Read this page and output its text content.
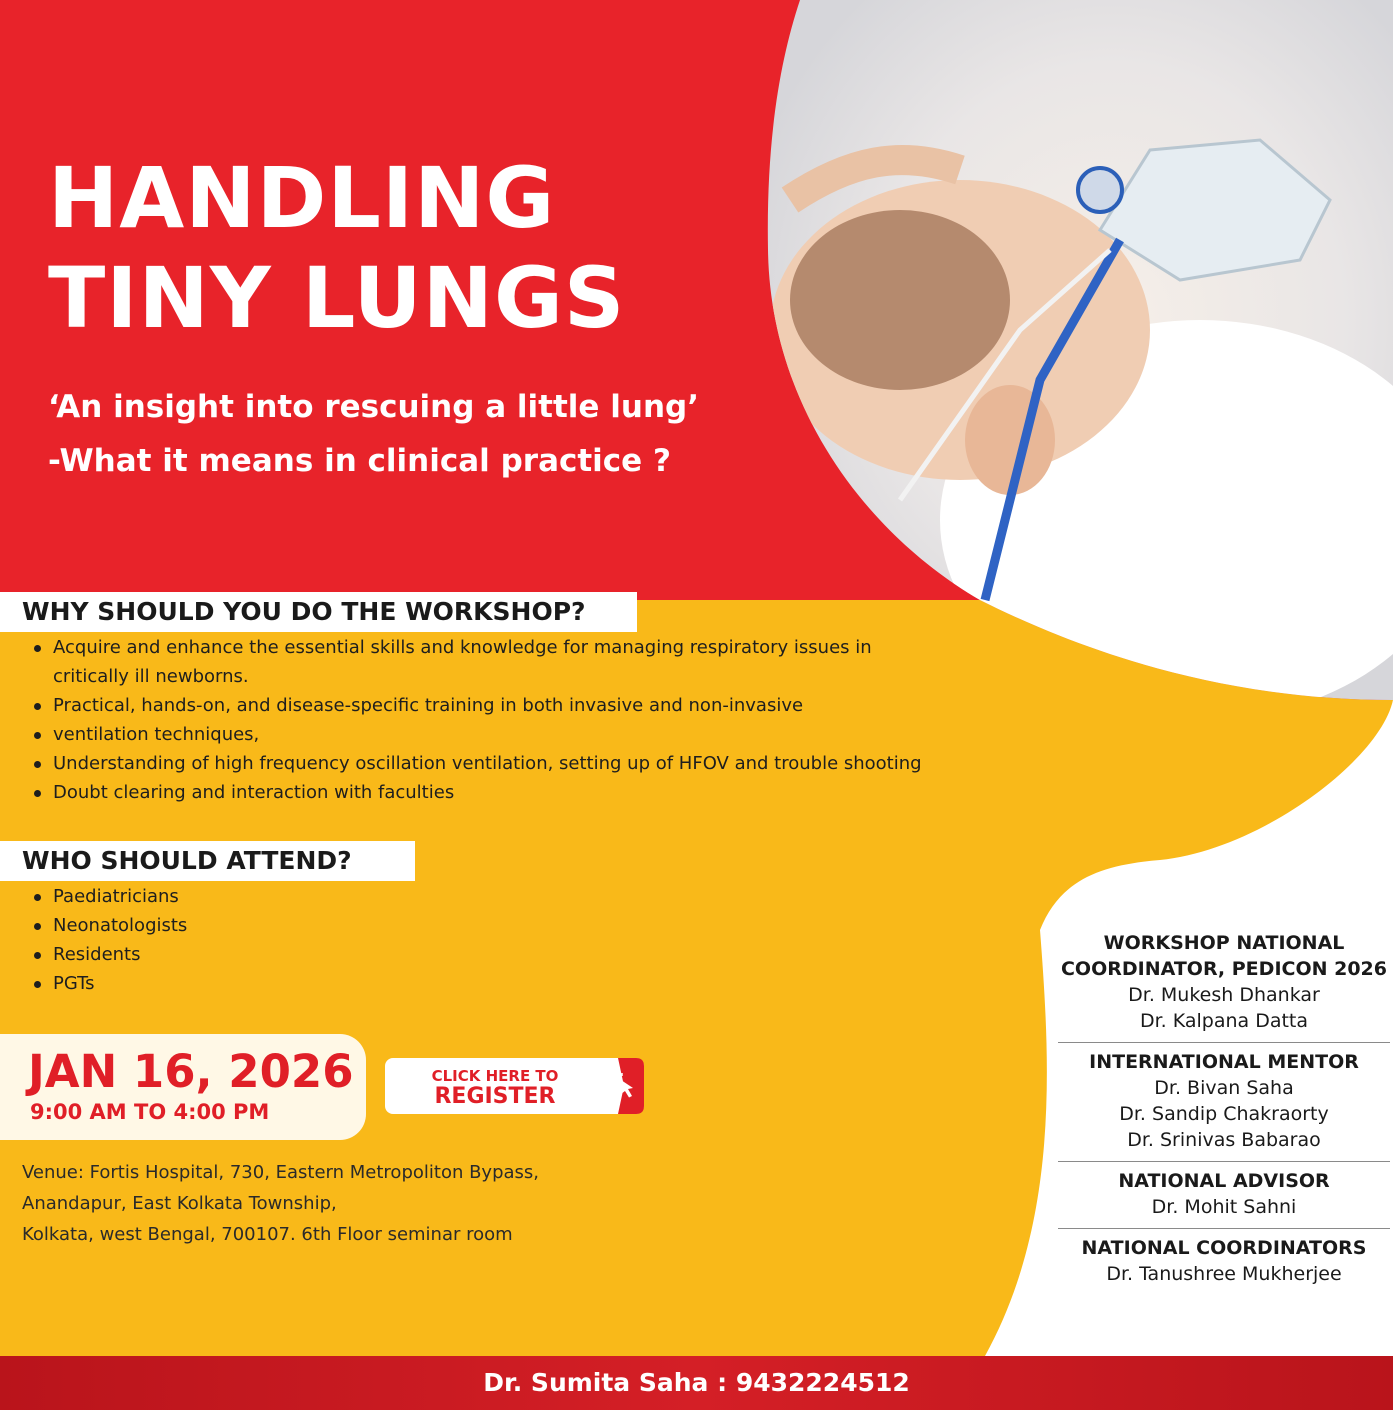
HANDLING
TINY LUNGS
‘An insight into rescuing a little lung’
-What it means in clinical practice ?
WHY SHOULD YOU DO THE WORKSHOP?
Acquire and enhance the essential skills and knowledge for managing respiratory issues in critically ill newborns.
Practical, hands-on, and disease-specific training in both invasive and non-invasive
ventilation techniques,
Understanding of high frequency oscillation ventilation, setting up of HFOV and trouble shooting
Doubt clearing and interaction with faculties
WHO SHOULD ATTEND?
Paediatricians
Neonatologists
Residents
PGTs
JAN 16, 2026
9:00 AM TO 4:00 PM
CLICK HERE TO
REGISTER
Venue: Fortis Hospital, 730, Eastern Metropoliton Bypass,
Anandapur, East Kolkata Township,
Kolkata, west Bengal, 700107. 6th Floor seminar room
WORKSHOP NATIONAL
COORDINATOR, PEDICON 2026
Dr. Mukesh Dhankar
Dr. Kalpana Datta
INTERNATIONAL MENTOR
Dr. Bivan Saha
Dr. Sandip Chakraorty
Dr. Srinivas Babarao
NATIONAL ADVISOR
Dr. Mohit Sahni
NATIONAL COORDINATORS
Dr. Tanushree Mukherjee
Dr. Sumita Saha : 9432224512
